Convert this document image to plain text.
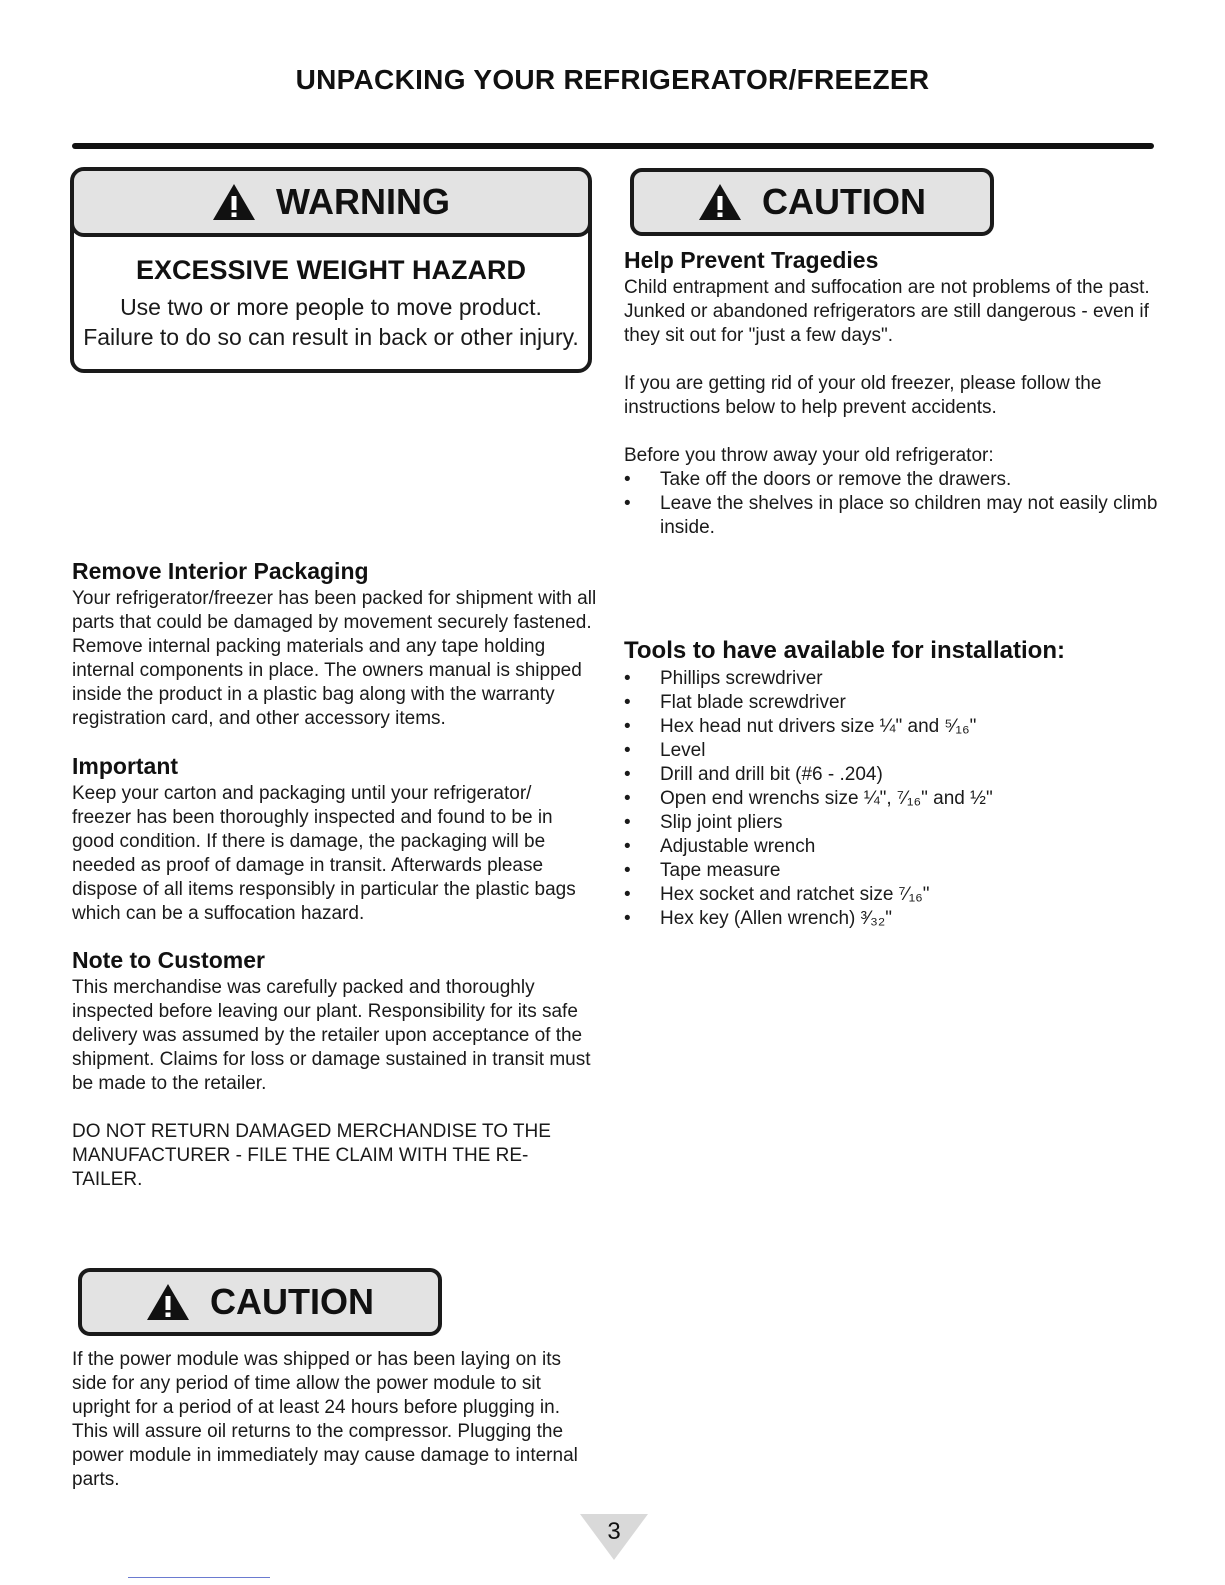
UNPACKING YOUR REFRIGERATOR/FREEZER
WARNING
EXCESSIVE WEIGHT HAZARD
Use two or more people to move product.
Failure to do so can result in back or other injury.
CAUTION
Help Prevent Tragedies

Child entrapment and suffocation are not problems of the past. Junked or abandoned refrigerators are still dangerous - even if they sit out for "just a few days".

If you are getting rid of your old freezer, please follow the instructions below to help prevent accidents.

Before you throw away your old refrigerator:

• Take off the doors or remove the drawers.
• Leave the shelves in place so children may not easily climb inside.
Remove Interior Packaging

Your refrigerator/freezer has been packed for shipment with all parts that could be damaged by movement securely fastened. Remove internal packing materials and any tape holding internal components in place. The owners manual is shipped inside the product in a plastic bag along with the warranty registration card, and other accessory items.

Important

Keep your carton and packaging until your refrigerator/ freezer has been thoroughly inspected and found to be in good condition. If there is damage, the packaging will be needed as proof of damage in transit. Afterwards please dispose of all items responsibly in particular the plastic bags which can be a suffocation hazard.

Note to Customer

This merchandise was carefully packed and thoroughly inspected before leaving our plant. Responsibility for its safe delivery was assumed by the retailer upon acceptance of the shipment. Claims for loss or damage sustained in transit must be made to the retailer.

DO NOT RETURN DAMAGED MERCHANDISE TO THE MANUFACTURER - FILE THE CLAIM WITH THE RE-TAILER.

Tools to have available for installation:
• Phillips screwdriver
• Flat blade screwdriver
• Hex head nut drivers size ¼" and ⁵⁄₁₆"
• Level
• Drill and drill bit (#6 - .204)
• Open end wrenchs size ¼", ⁷⁄₁₆" and ½"
• Slip joint pliers
• Adjustable wrench
• Tape measure
• Hex socket and ratchet size ⁷⁄₁₆"
• Hex key (Allen wrench) ³⁄₃₂"
CAUTION

If the power module was shipped or has been laying on its side for any period of time allow the power module to sit upright for a period of at least 24 hours before plugging in. This will assure oil returns to the compressor. Plugging the power module in immediately may cause damage to internal parts.

3
